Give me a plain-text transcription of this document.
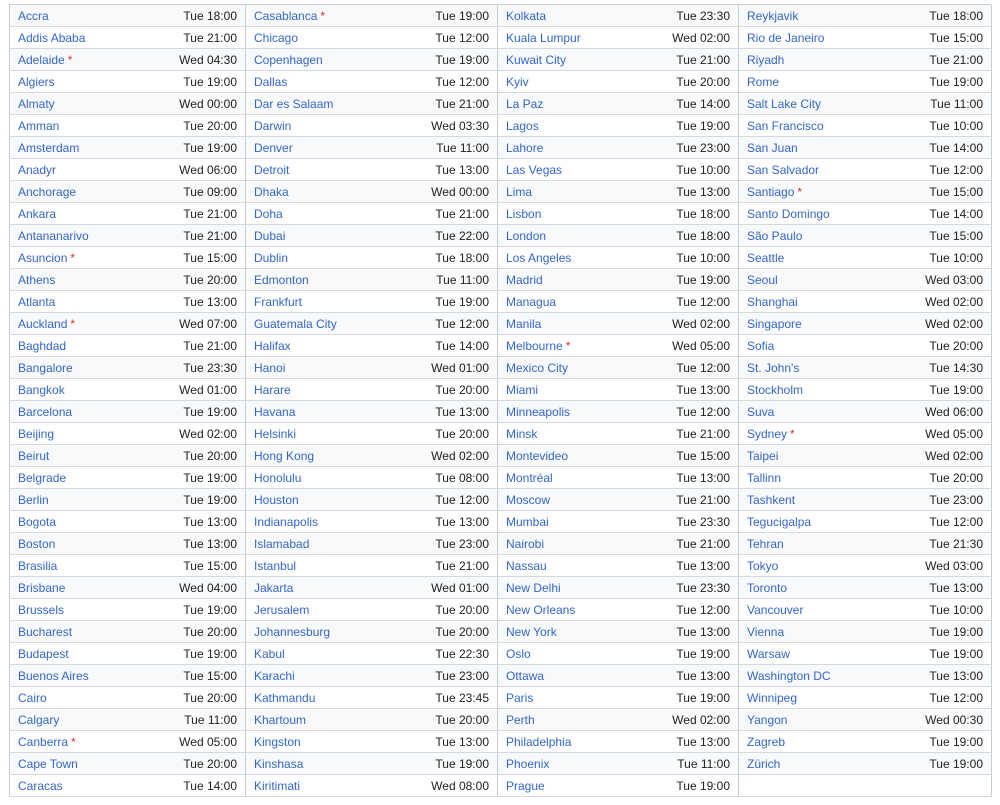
Accra	Tue 18:00	Casablanca *	Tue 19:00	Kolkata	Tue 23:30	Reykjavik	Tue 18:00
Addis Ababa	Tue 21:00	Chicago	Tue 12:00	Kuala Lumpur	Wed 02:00	Rio de Janeiro	Tue 15:00
Adelaide *	Wed 04:30	Copenhagen	Tue 19:00	Kuwait City	Tue 21:00	Riyadh	Tue 21:00
Algiers	Tue 19:00	Dallas	Tue 12:00	Kyiv	Tue 20:00	Rome	Tue 19:00
Almaty	Wed 00:00	Dar es Salaam	Tue 21:00	La Paz	Tue 14:00	Salt Lake City	Tue 11:00
Amman	Tue 20:00	Darwin	Wed 03:30	Lagos	Tue 19:00	San Francisco	Tue 10:00
Amsterdam	Tue 19:00	Denver	Tue 11:00	Lahore	Tue 23:00	San Juan	Tue 14:00
Anadyr	Wed 06:00	Detroit	Tue 13:00	Las Vegas	Tue 10:00	San Salvador	Tue 12:00
Anchorage	Tue 09:00	Dhaka	Wed 00:00	Lima	Tue 13:00	Santiago *	Tue 15:00
Ankara	Tue 21:00	Doha	Tue 21:00	Lisbon	Tue 18:00	Santo Domingo	Tue 14:00
Antananarivo	Tue 21:00	Dubai	Tue 22:00	London	Tue 18:00	São Paulo	Tue 15:00
Asuncion *	Tue 15:00	Dublin	Tue 18:00	Los Angeles	Tue 10:00	Seattle	Tue 10:00
Athens	Tue 20:00	Edmonton	Tue 11:00	Madrid	Tue 19:00	Seoul	Wed 03:00
Atlanta	Tue 13:00	Frankfurt	Tue 19:00	Managua	Tue 12:00	Shanghai	Wed 02:00
Auckland *	Wed 07:00	Guatemala City	Tue 12:00	Manila	Wed 02:00	Singapore	Wed 02:00
Baghdad	Tue 21:00	Halifax	Tue 14:00	Melbourne *	Wed 05:00	Sofia	Tue 20:00
Bangalore	Tue 23:30	Hanoi	Wed 01:00	Mexico City	Tue 12:00	St. John's	Tue 14:30
Bangkok	Wed 01:00	Harare	Tue 20:00	Miami	Tue 13:00	Stockholm	Tue 19:00
Barcelona	Tue 19:00	Havana	Tue 13:00	Minneapolis	Tue 12:00	Suva	Wed 06:00
Beijing	Wed 02:00	Helsinki	Tue 20:00	Minsk	Tue 21:00	Sydney *	Wed 05:00
Beirut	Tue 20:00	Hong Kong	Wed 02:00	Montevideo	Tue 15:00	Taipei	Wed 02:00
Belgrade	Tue 19:00	Honolulu	Tue 08:00	Montréal	Tue 13:00	Tallinn	Tue 20:00
Berlin	Tue 19:00	Houston	Tue 12:00	Moscow	Tue 21:00	Tashkent	Tue 23:00
Bogota	Tue 13:00	Indianapolis	Tue 13:00	Mumbai	Tue 23:30	Tegucigalpa	Tue 12:00
Boston	Tue 13:00	Islamabad	Tue 23:00	Nairobi	Tue 21:00	Tehran	Tue 21:30
Brasilia	Tue 15:00	Istanbul	Tue 21:00	Nassau	Tue 13:00	Tokyo	Wed 03:00
Brisbane	Wed 04:00	Jakarta	Wed 01:00	New Delhi	Tue 23:30	Toronto	Tue 13:00
Brussels	Tue 19:00	Jerusalem	Tue 20:00	New Orleans	Tue 12:00	Vancouver	Tue 10:00
Bucharest	Tue 20:00	Johannesburg	Tue 20:00	New York	Tue 13:00	Vienna	Tue 19:00
Budapest	Tue 19:00	Kabul	Tue 22:30	Oslo	Tue 19:00	Warsaw	Tue 19:00
Buenos Aires	Tue 15:00	Karachi	Tue 23:00	Ottawa	Tue 13:00	Washington DC	Tue 13:00
Cairo	Tue 20:00	Kathmandu	Tue 23:45	Paris	Tue 19:00	Winnipeg	Tue 12:00
Calgary	Tue 11:00	Khartoum	Tue 20:00	Perth	Wed 02:00	Yangon	Wed 00:30
Canberra *	Wed 05:00	Kingston	Tue 13:00	Philadelphia	Tue 13:00	Zagreb	Tue 19:00
Cape Town	Tue 20:00	Kinshasa	Tue 19:00	Phoenix	Tue 11:00	Zürich	Tue 19:00
Caracas	Tue 14:00	Kiritimati	Wed 08:00	Prague	Tue 19:00		
